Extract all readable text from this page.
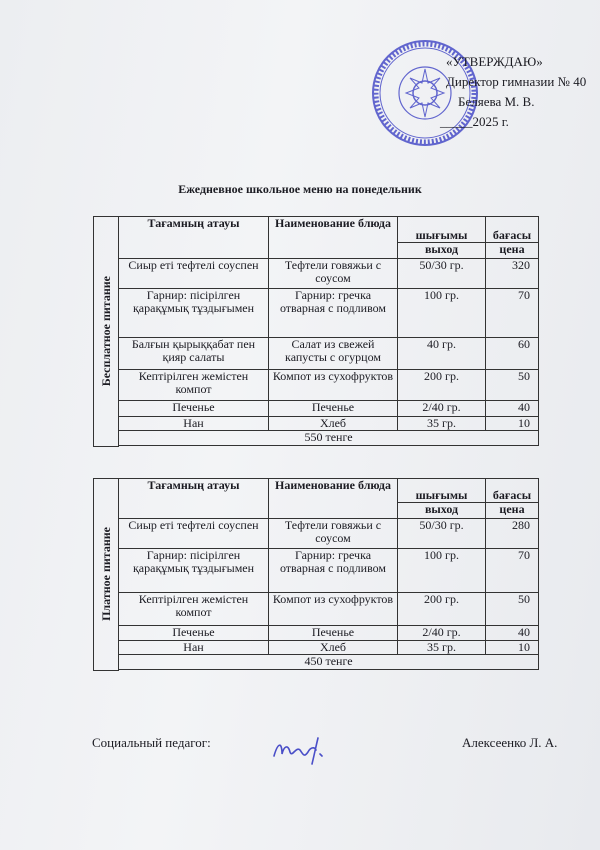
«УТВЕРЖДАЮ»
Директор гимназии № 40
Беляева М. В.
_____2025 г.
Ежедневное школьное меню на понедельник
Бесплатное питание	Тағамның атауы	Наименование блюда	шығымы	бағасы
			выход	цена
	Сиыр еті тефтелі соуспен	Тефтели говяжьи с соусом	50/30 гр.	320
	Гарнир: пісірілген қарақұмық тұздығымен	Гарнир: гречка отварная с подливом	100 гр.	70
	Балғын қырыққабат пен қияр салаты	Салат из свежей капусты с огурцом	40 гр.	60
	Кептірілген жемістен компот	Компот из сухофруктов	200 гр.	50
	Печенье	Печенье	2/40 гр.	40
	Нан	Хлеб	35 гр.	10
	550 тенге			

Платное питание	Тағамның атауы	Наименование блюда	шығымы	бағасы
			выход	цена
	Сиыр еті тефтелі соуспен	Тефтели говяжьи с соусом	50/30 гр.	280
	Гарнир: пісірілген қарақұмық тұздығымен	Гарнир: гречка отварная с подливом	100 гр.	70
	Кептірілген жемістен компот	Компот из сухофруктов	200 гр.	50
	Печенье	Печенье	2/40 гр.	40
	Нан	Хлеб	35 гр.	10
	450 тенге			

Социальный педагог:	Алексеенко Л. А.
